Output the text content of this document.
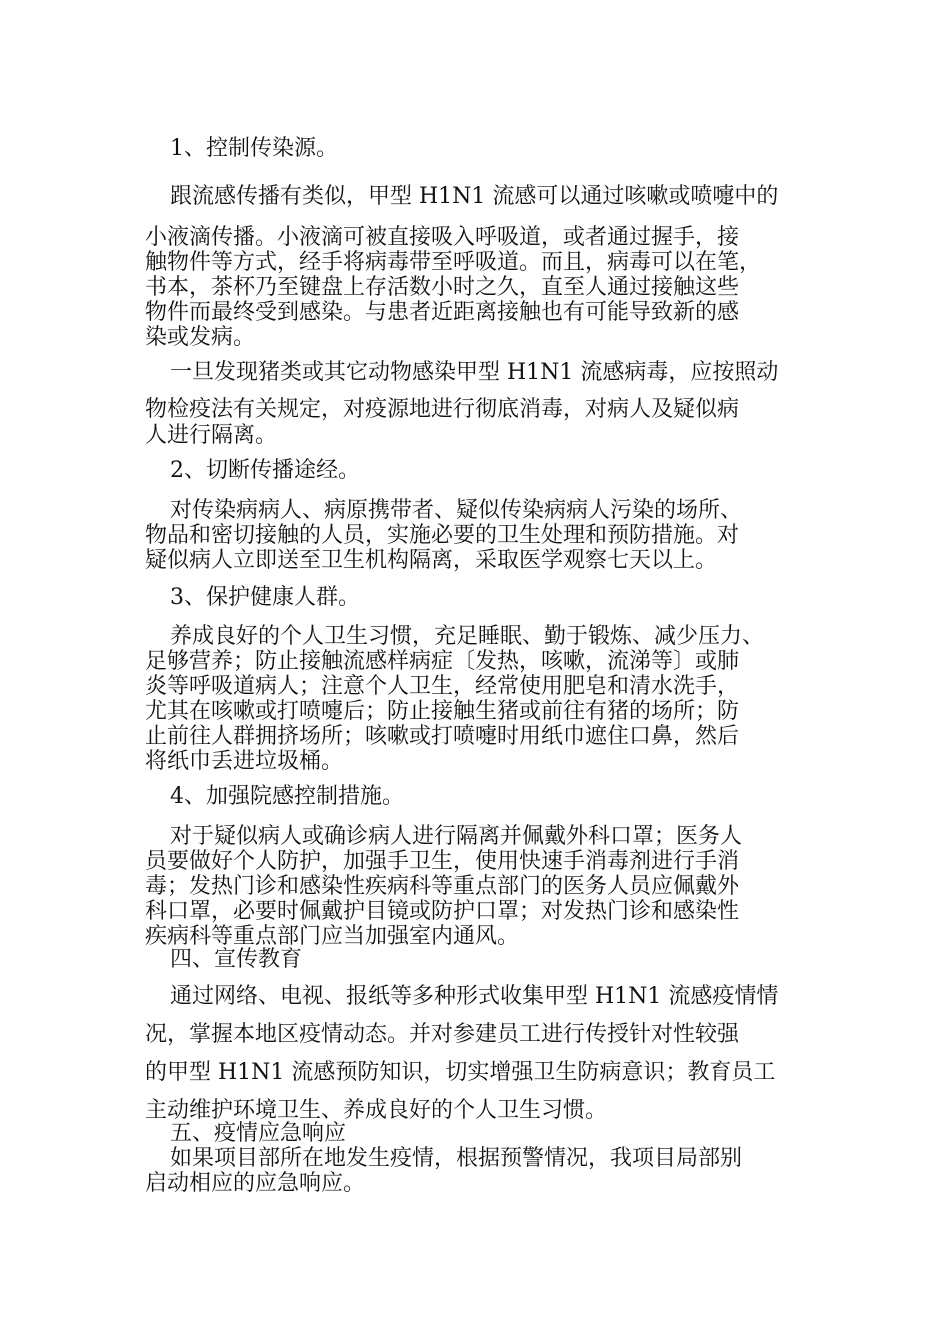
1、控制传染源。

跟流感传播有类似，甲型 H1N1 流感可以通过咳嗽或喷嚏中的

小液滴传播。小液滴可被直接吸入呼吸道，或者通过握手，接

触物件等方式，经手将病毒带至呼吸道。而且，病毒可以在笔，

书本，茶杯乃至键盘上存活数小时之久，直至人通过接触这些

物件而最终受到感染。与患者近距离接触也有可能导致新的感

染或发病。

一旦发现猪类或其它动物感染甲型 H1N1 流感病毒，应按照动

物检疫法有关规定，对疫源地进行彻底消毒，对病人及疑似病

人进行隔离。

2、切断传播途经。

对传染病病人、病原携带者、疑似传染病病人污染的场所、

物品和密切接触的人员，实施必要的卫生处理和预防措施。对

疑似病人立即送至卫生机构隔离，采取医学观察七天以上。

3、保护健康人群。

养成良好的个人卫生习惯，充足睡眠、勤于锻炼、减少压力、

足够营养；防止接触流感样病症〔发热，咳嗽，流涕等〕或肺

炎等呼吸道病人；注意个人卫生，经常使用肥皂和清水洗手，

尤其在咳嗽或打喷嚏后；防止接触生猪或前往有猪的场所；防

止前往人群拥挤场所；咳嗽或打喷嚏时用纸巾遮住口鼻，然后

将纸巾丢进垃圾桶。

4、加强院感控制措施。

对于疑似病人或确诊病人进行隔离并佩戴外科口罩；医务人

员要做好个人防护，加强手卫生，使用快速手消毒剂进行手消

毒；发热门诊和感染性疾病科等重点部门的医务人员应佩戴外

科口罩，必要时佩戴护目镜或防护口罩；对发热门诊和感染性

疾病科等重点部门应当加强室内通风。

四、宣传教育

通过网络、电视、报纸等多种形式收集甲型 H1N1 流感疫情情

况，掌握本地区疫情动态。并对参建员工进行传授针对性较强

的甲型 H1N1 流感预防知识，切实增强卫生防病意识；教育员工

主动维护环境卫生、养成良好的个人卫生习惯。

五、疫情应急响应

如果项目部所在地发生疫情，根据预警情况，我项目局部别

启动相应的应急响应。
